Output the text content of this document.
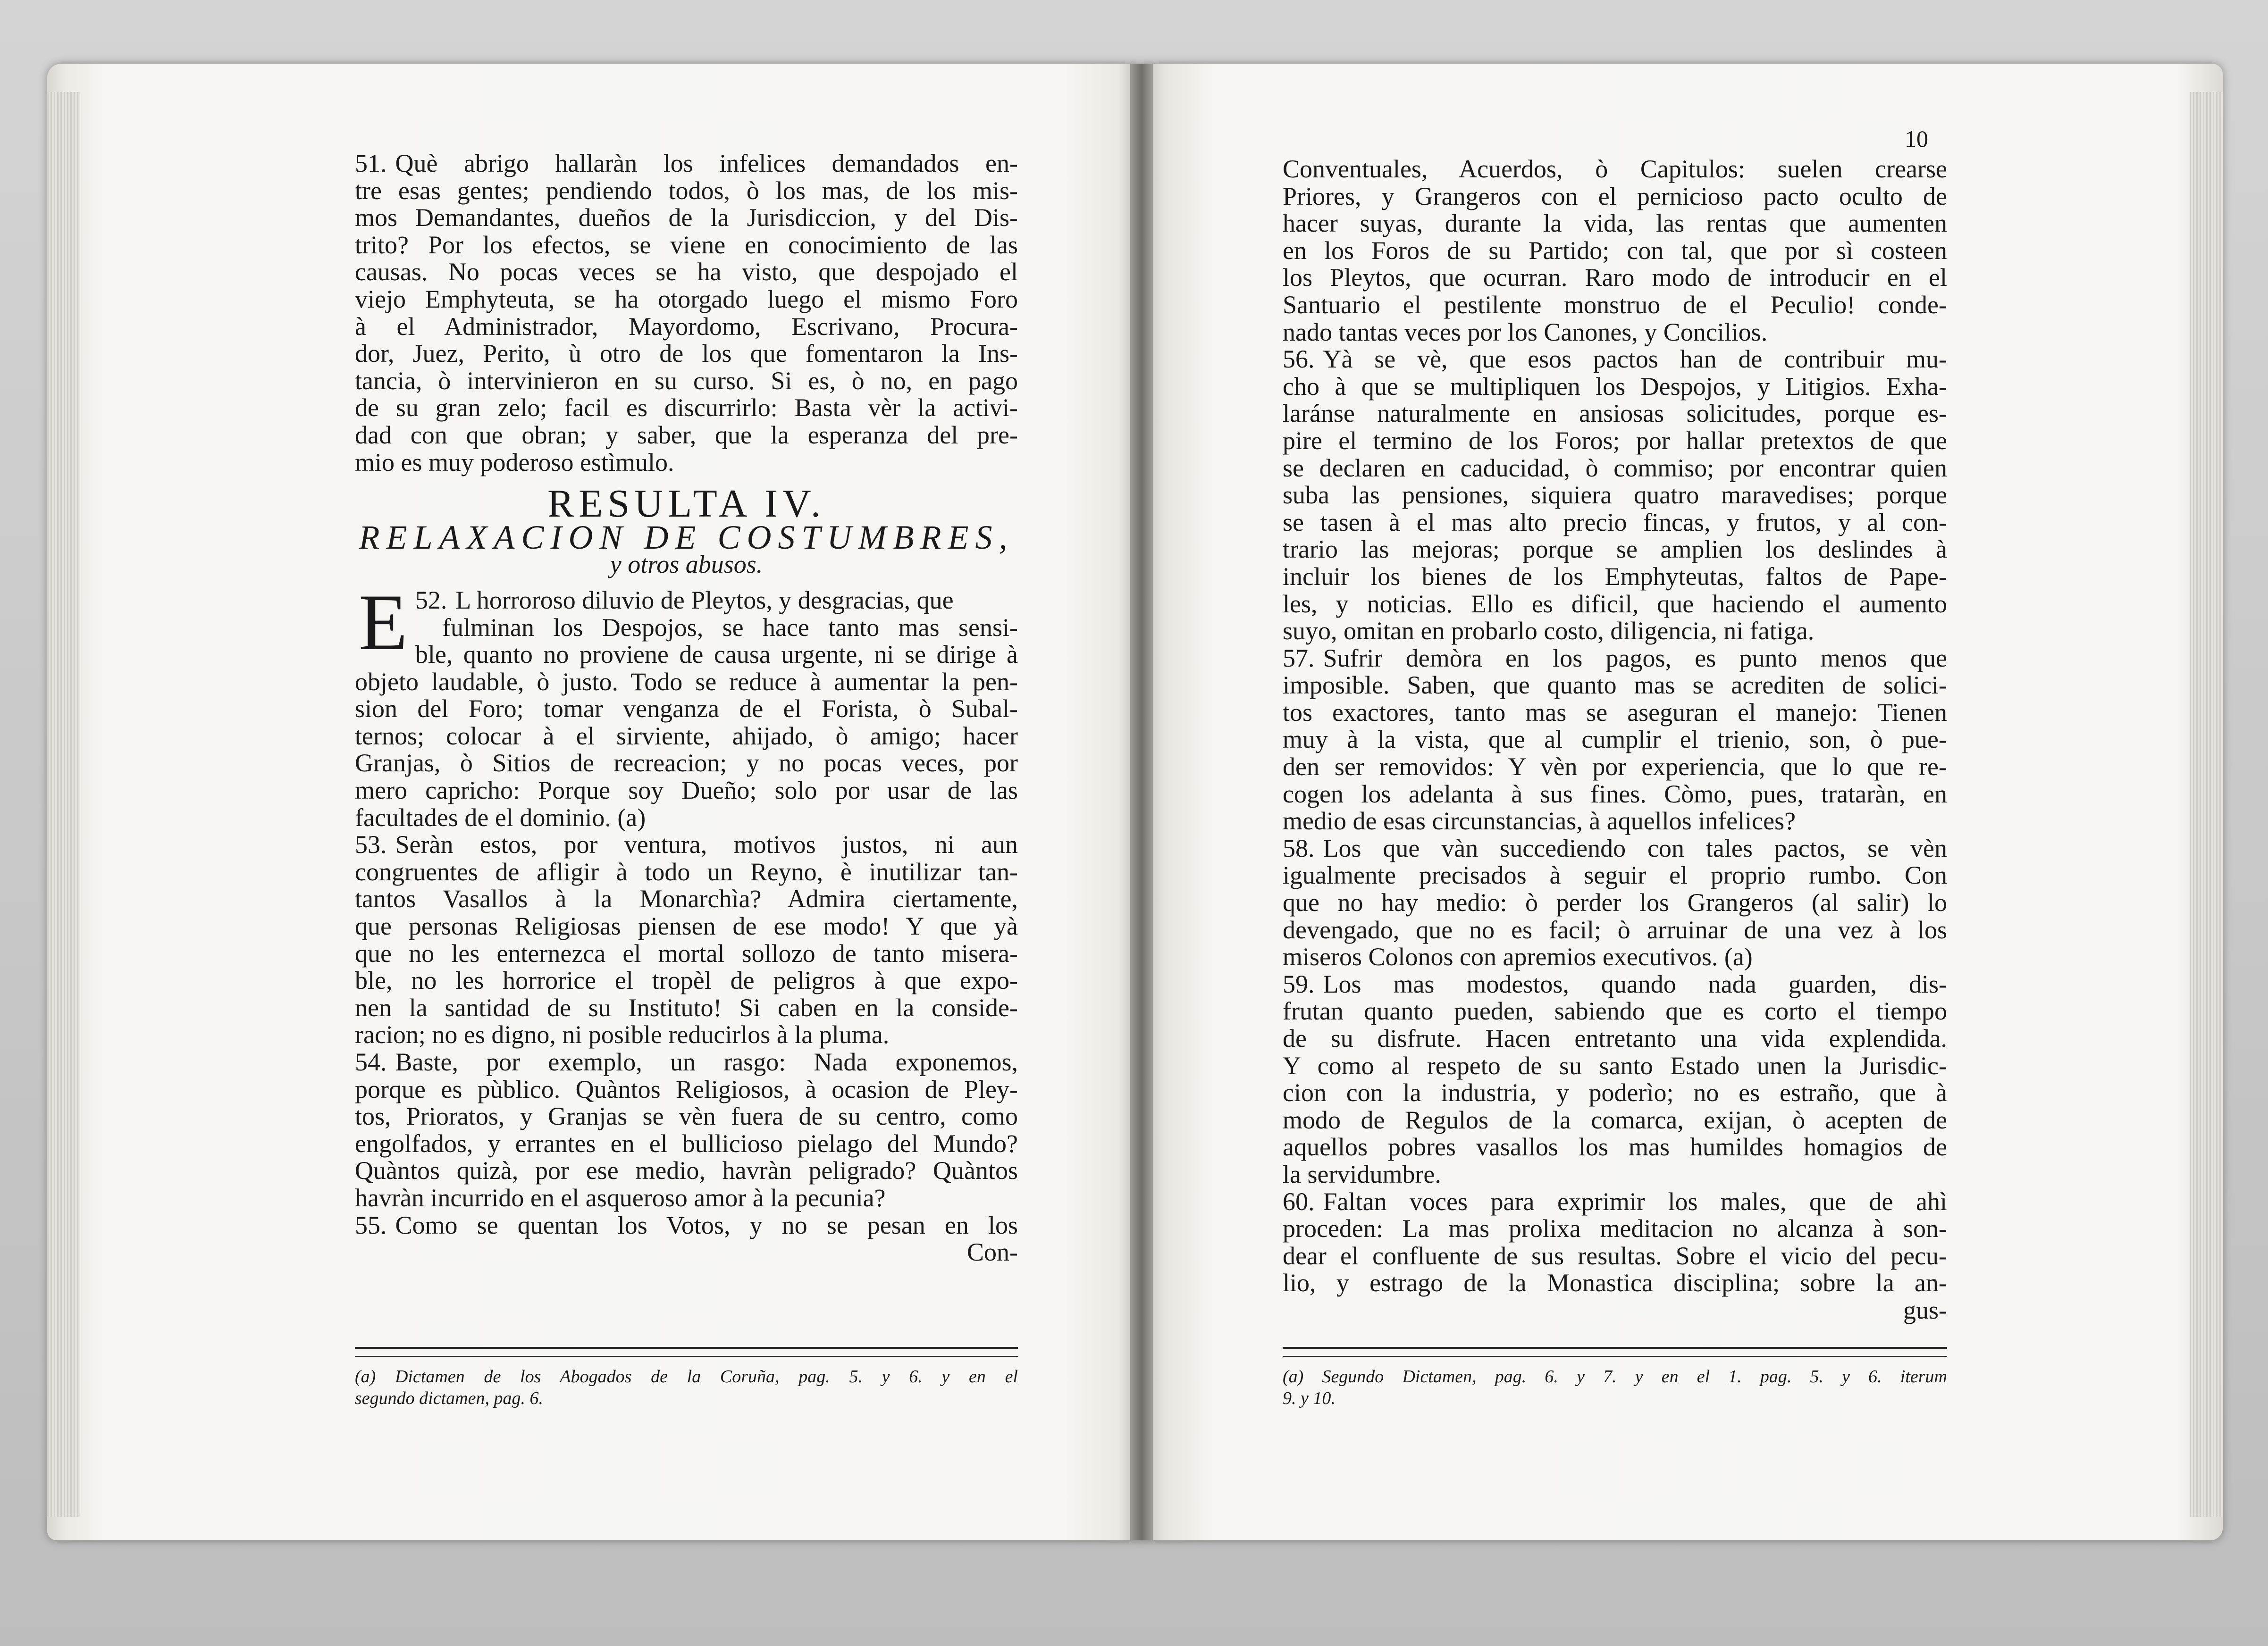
51. Què abrigo hallaràn los infelices demandados en-
tre esas gentes; pendiendo todos, ò los mas, de los mis-
mos Demandantes, dueños de la Jurisdiccion, y del Dis-
trito? Por los efectos, se viene en conocimiento de las
causas. No pocas veces se ha visto, que despojado el
viejo Emphyteuta, se ha otorgado luego el mismo Foro
à el Administrador, Mayordomo, Escrivano, Procura-
dor, Juez, Perito, ù otro de los que fomentaron la Ins-
tancia, ò intervinieron en su curso. Si es, ò no, en pago
de su gran zelo; facil es discurrirlo: Basta vèr la activi-
dad con que obran; y saber, que la esperanza del pre-
mio es muy poderoso estìmulo.
RESULTA IV.
RELAXACION DE COSTUMBRES,
y otros abusos.
52.
E L horroroso diluvio de Pleytos, y desgracias, que
fulminan los Despojos, se hace tanto mas sensi-
ble, quanto no proviene de causa urgente, ni se dirige à
objeto laudable, ò justo. Todo se reduce à aumentar la pen-
sion del Foro; tomar venganza de el Forista, ò Subal-
ternos; colocar à el sirviente, ahijado, ò amigo; hacer
Granjas, ò Sitios de recreacion; y no pocas veces, por
mero capricho: Porque soy Dueño; solo por usar de las
facultades de el dominio. (a)
53. Seràn estos, por ventura, motivos justos, ni aun
congruentes de afligir à todo un Reyno, è inutilizar tan-
tantos Vasallos à la Monarchìa? Admira ciertamente,
que personas Religiosas piensen de ese modo! Y que yà
que no les enternezca el mortal sollozo de tanto misera-
ble, no les horrorice el tropèl de peligros à que expo-
nen la santidad de su Instituto! Si caben en la conside-
racion; no es digno, ni posible reducirlos à la pluma.
54. Baste, por exemplo, un rasgo: Nada exponemos,
porque es pùblico. Quàntos Religiosos, à ocasion de Pley-
tos, Prioratos, y Granjas se vèn fuera de su centro, como
engolfados, y errantes en el bullicioso pielago del Mundo?
Quàntos quizà, por ese medio, havràn peligrado? Quàntos
havràn incurrido en el asqueroso amor à la pecunia?
55. Como se quentan los Votos, y no se pesan en los
Con-
(a) Dictamen de los Abogados de la Coruña, pag. 5. y 6. y en el
segundo dictamen, pag. 6.
10
Conventuales, Acuerdos, ò Capitulos: suelen crearse
Priores, y Grangeros con el pernicioso pacto oculto de
hacer suyas, durante la vida, las rentas que aumenten
en los Foros de su Partido; con tal, que por sì costeen
los Pleytos, que ocurran. Raro modo de introducir en el
Santuario el pestilente monstruo de el Peculio! conde-
nado tantas veces por los Canones, y Concilios.
56. Yà se vè, que esos pactos han de contribuir mu-
cho à que se multipliquen los Despojos, y Litigios. Exha-
laránse naturalmente en ansiosas solicitudes, porque es-
pire el termino de los Foros; por hallar pretextos de que
se declaren en caducidad, ò commiso; por encontrar quien
suba las pensiones, siquiera quatro maravedises; porque
se tasen à el mas alto precio fincas, y frutos, y al con-
trario las mejoras; porque se amplien los deslindes à
incluir los bienes de los Emphyteutas, faltos de Pape-
les, y noticias. Ello es dificil, que haciendo el aumento
suyo, omitan en probarlo costo, diligencia, ni fatiga.
57. Sufrir demòra en los pagos, es punto menos que
imposible. Saben, que quanto mas se acrediten de solici-
tos exactores, tanto mas se aseguran el manejo: Tienen
muy à la vista, que al cumplir el trienio, son, ò pue-
den ser removidos: Y vèn por experiencia, que lo que re-
cogen los adelanta à sus fines. Còmo, pues, trataràn, en
medio de esas circunstancias, à aquellos infelices?
58. Los que vàn succediendo con tales pactos, se vèn
igualmente precisados à seguir el proprio rumbo. Con
que no hay medio: ò perder los Grangeros (al salir) lo
devengado, que no es facil; ò arruinar de una vez à los
miseros Colonos con apremios executivos. (a)
59. Los mas modestos, quando nada guarden, dis-
frutan quanto pueden, sabiendo que es corto el tiempo
de su disfrute. Hacen entretanto una vida explendida.
Y como al respeto de su santo Estado unen la Jurisdic-
cion con la industria, y poderìo; no es estraño, que à
modo de Regulos de la comarca, exijan, ò acepten de
aquellos pobres vasallos los mas humildes homagios de
la servidumbre.
60. Faltan voces para exprimir los males, que de ahì
proceden: La mas prolixa meditacion no alcanza à son-
dear el confluente de sus resultas. Sobre el vicio del pecu-
lio, y estrago de la Monastica disciplina; sobre la an-
gus-
(a) Segundo Dictamen, pag. 6. y 7. y en el 1. pag. 5. y 6. iterum
9. y 10.
